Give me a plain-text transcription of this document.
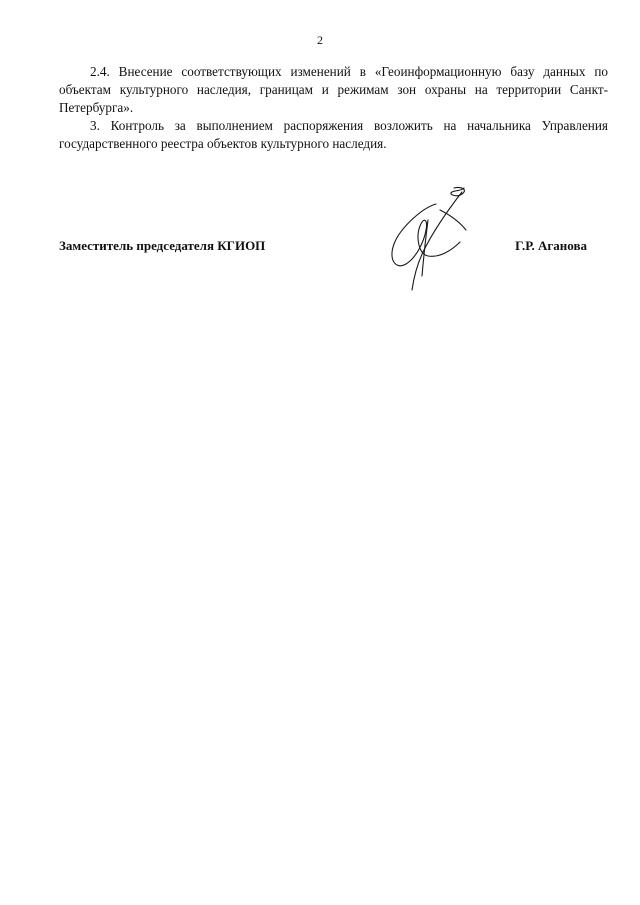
2

2.4. Внесение соответствующих изменений в «Геоинформационную базу данных по объектам культурного наследия, границам и режимам зон охраны на территории Санкт-Петербурга».

3. Контроль за выполнением распоряжения возложить на начальника Управления государственного реестра объектов культурного наследия.

Заместитель председателя КГИОП	Г.Р. Аганова
